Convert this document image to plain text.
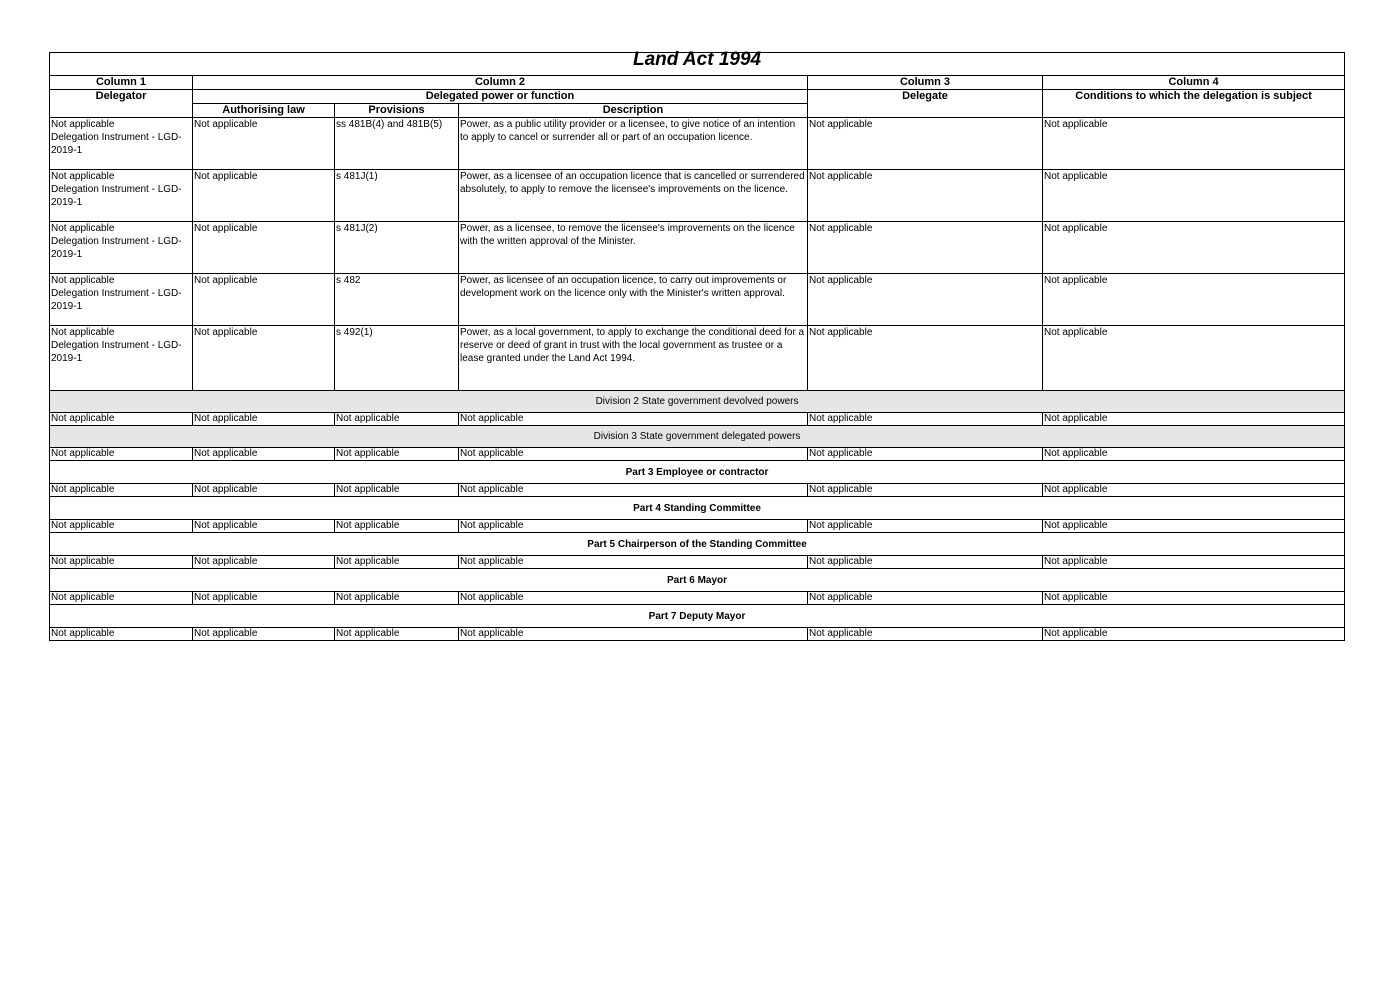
Land Act 1994					
Column 1	Column 2			Column 3	Column 4
Delegator	Delegated power or function			Delegate	Conditions to which the delegation is subject
	Authorising law	Provisions	Description		

Not applicable
Delegation Instrument - LGD-2019-1	Not applicable	ss 481B(4) and 481B(5)	Power, as a public utility provider or a licensee, to give notice of an intention to apply to cancel or surrender all or part of an occupation licence.	Not applicable	Not applicable

Not applicable
Delegation Instrument - LGD-2019-1	Not applicable	s 481J(1)	Power, as a licensee of an occupation licence that is cancelled or surrendered absolutely, to apply to remove the licensee's improvements on the licence.	Not applicable	Not applicable

Not applicable
Delegation Instrument - LGD-2019-1	Not applicable	s 481J(2)	Power, as a licensee, to remove the licensee's improvements on the licence with the written approval of the Minister.	Not applicable	Not applicable

Not applicable
Delegation Instrument - LGD-2019-1	Not applicable	s 482	Power, as licensee of an occupation licence, to carry out improvements or development work on the licence only with the Minister's written approval.	Not applicable	Not applicable

Not applicable
Delegation Instrument - LGD-2019-1	Not applicable	s 492(1)	Power, as a local government, to apply to exchange the conditional deed for a reserve or deed of grant in trust with the local government as trustee or a lease granted under the Land Act 1994.	Not applicable	Not applicable
Division 2 State government devolved powers					
Not applicable	Not applicable	Not applicable	Not applicable	Not applicable	Not applicable
Division 3 State government delegated powers					
Not applicable	Not applicable	Not applicable	Not applicable	Not applicable	Not applicable
Part 3 Employee or contractor					
Not applicable	Not applicable	Not applicable	Not applicable	Not applicable	Not applicable
Part 4 Standing Committee					
Not applicable	Not applicable	Not applicable	Not applicable	Not applicable	Not applicable
Part 5 Chairperson of the Standing Committee					
Not applicable	Not applicable	Not applicable	Not applicable	Not applicable	Not applicable
Part 6 Mayor					
Not applicable	Not applicable	Not applicable	Not applicable	Not applicable	Not applicable
Part 7 Deputy Mayor					
Not applicable	Not applicable	Not applicable	Not applicable	Not applicable	Not applicable
